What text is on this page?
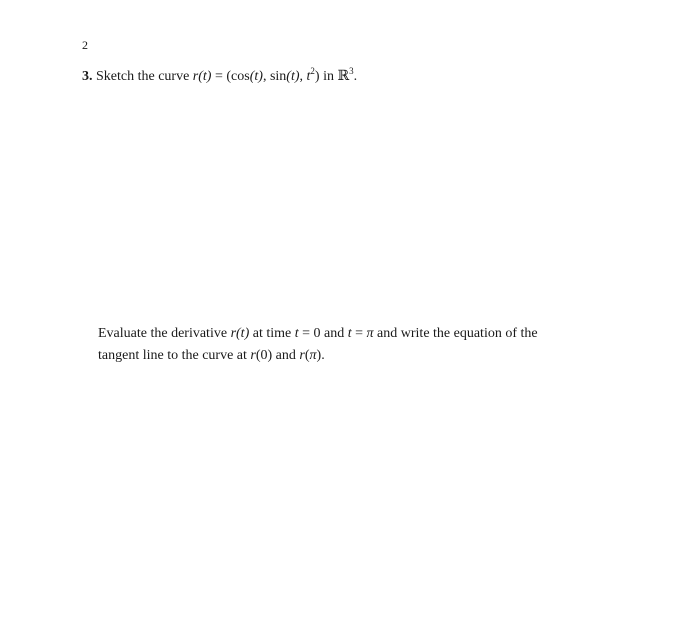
2
3. Sketch the curve r(t) = (cos(t), sin(t), $t^2$) in ℝ$^3$.
Evaluate the derivative r(t) at time t = 0 and t = π and write the equation of the
tangent line to the curve at r(0) and r(π).
